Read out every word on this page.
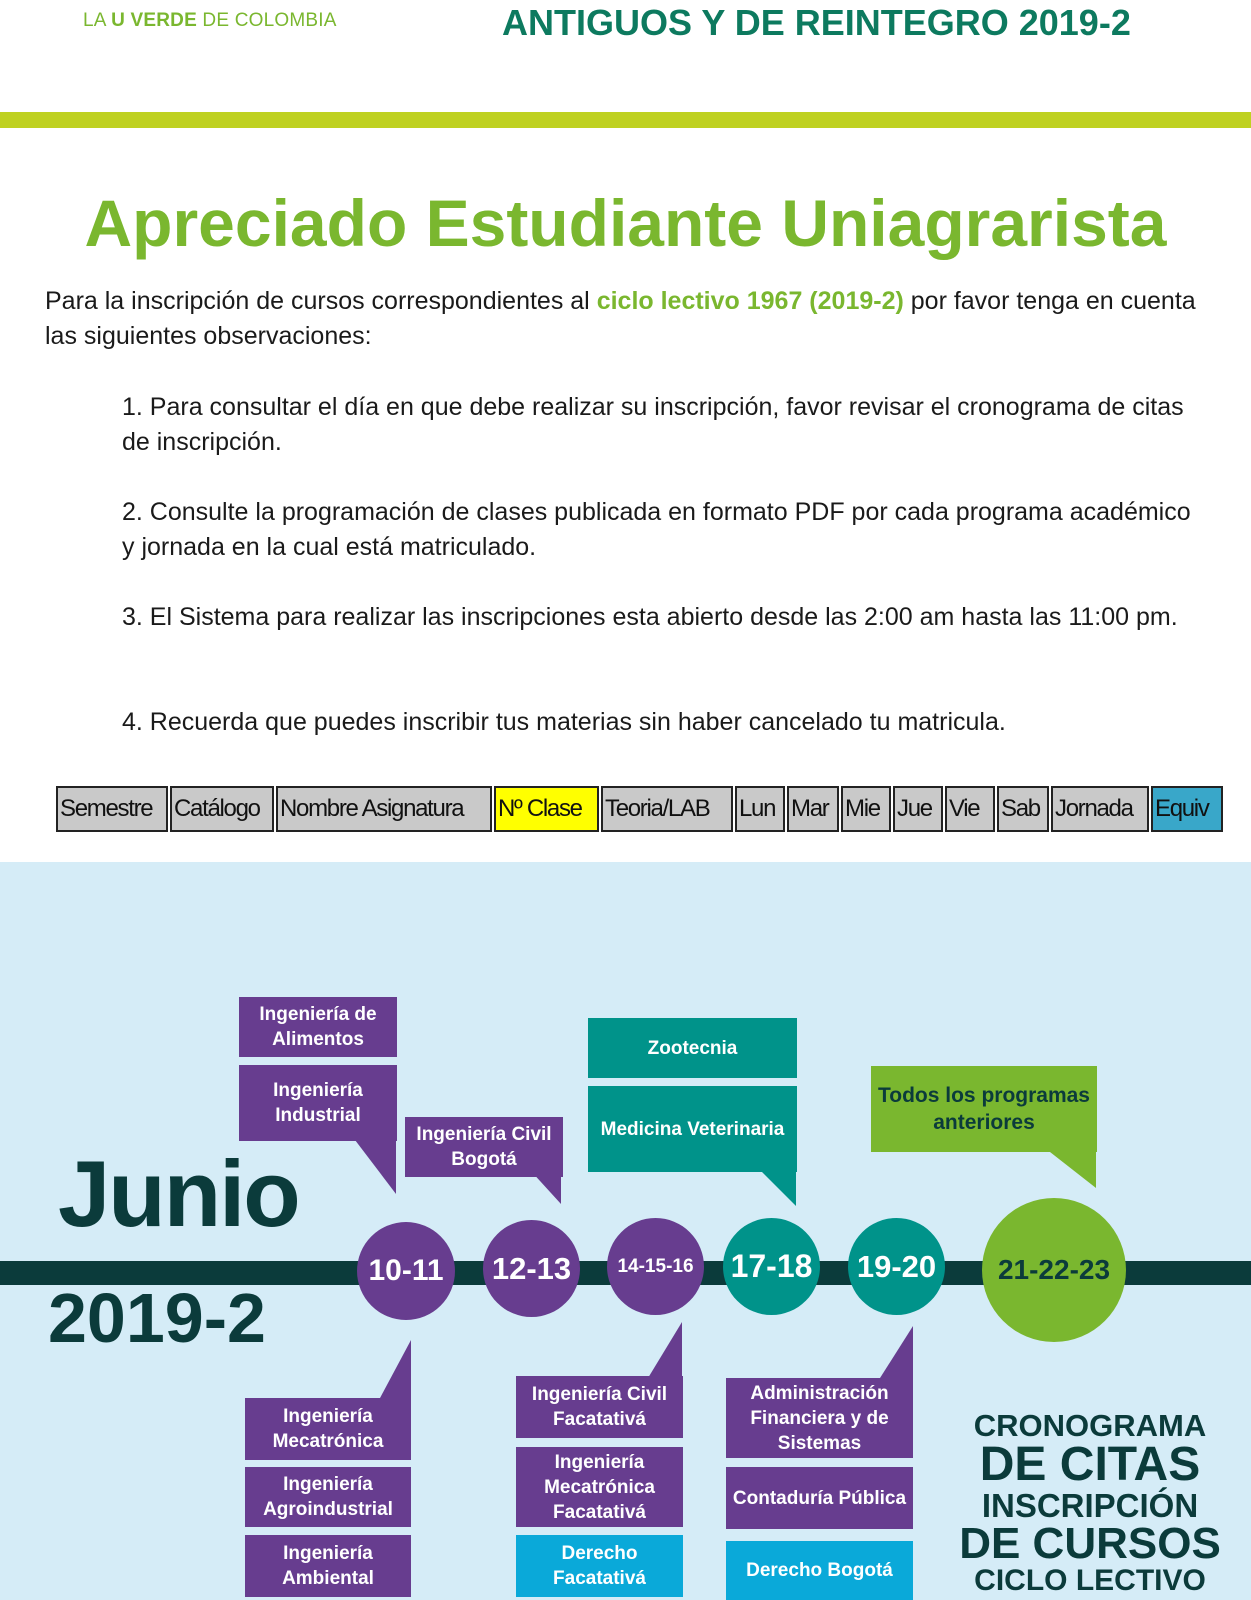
LA U VERDE DE COLOMBIA	ANTIGUOS Y DE REINTEGRO 2019-2
Apreciado Estudiante Uniagrarista
Para la inscripción de cursos correspondientes al ciclo lectivo 1967 (2019-2) por favor tenga en cuenta las siguientes observaciones:
1. Para consultar el día en que debe realizar su inscripción, favor revisar el cronograma de citas de inscripción.
2. Consulte la programación de clases publicada en formato PDF por cada programa académico y jornada en la cual está matriculado.
3. El Sistema para realizar las inscripciones esta abierto desde las 2:00 am hasta las 11:00 pm.
4. Recuerda que puedes inscribir tus materias sin haber cancelado tu matricula.
Semestre Catálogo Nombre Asignatura	Nº Clase Teoria/LAB	Lun Mar Mie Jue Vie Sab Jornada Equiv
Junio
2019-2
10-11	12-13	14-15-16	17-18 19-20	21-22-23
Ingeniería de Alimentos
Ingeniería Industrial
Ingeniería Civil Bogotá
Zootecnia
Medicina Veterinaria
Todos los programas anteriores
Ingeniería Mecatrónica
Ingeniería Agroindustrial
Ingeniería Ambiental
Ingeniería Civil Facatativá
Ingeniería Mecatrónica Facatativá
Derecho Facatativá
Administración Financiera y de Sistemas
Contaduría Pública
Derecho Bogotá
CRONOGRAMA
DE CITAS
INSCRIPCIÓN
DE CURSOS
CICLO LECTIVO
